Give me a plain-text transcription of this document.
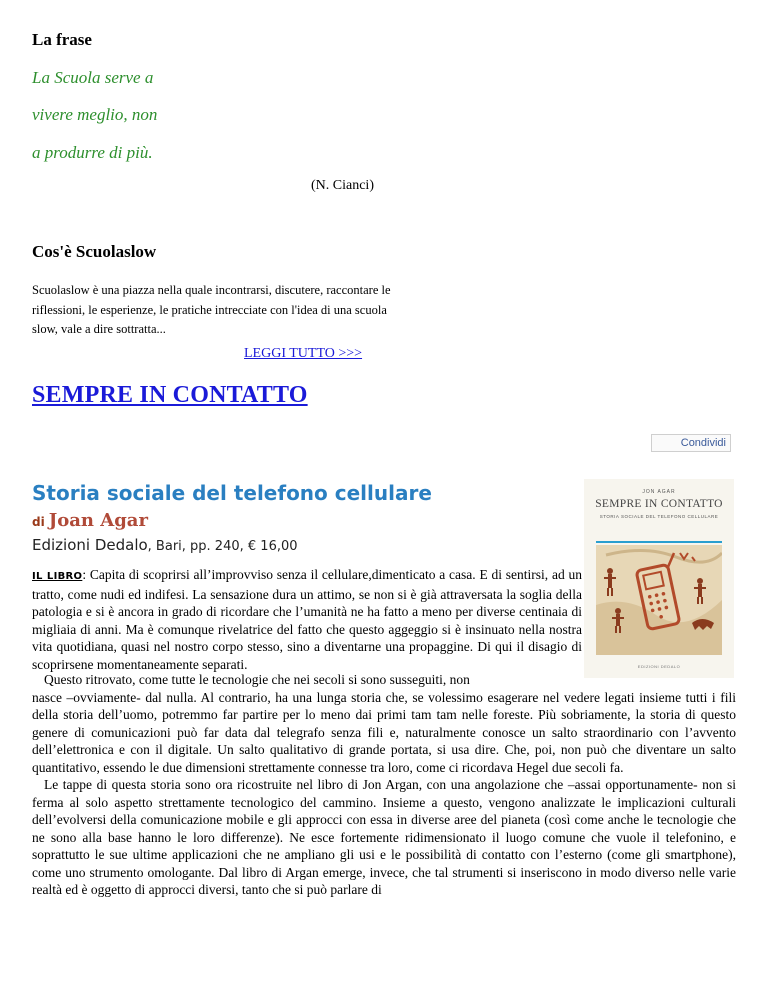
La frase

La Scuola serve a

vivere meglio, non

a produrre di più.

(N. Cianci)

Cos'è Scuolaslow

Scuolaslow è una piazza nella quale incontrarsi, discutere, raccontare le riflessioni, le esperienze, le pratiche intrecciate con l'idea di una scuola slow, vale a dire sottratta...

LEGGI TUTTO >>>
SEMPRE IN CONTATTO
Condividi
Storia sociale del telefono cellulare

di Joan Agar

Edizioni Dedalo, Bari, pp. 240, € 16,00

IL LIBRO: Capita di scoprirsi all’improvviso senza il cellulare,dimenticato a casa. E di sentirsi, ad un tratto, come nudi ed indifesi. La sensazione dura un attimo, se non si è già attraversata la soglia della patologia e si è ancora in grado di ricordare che l’umanità ne ha fatto a meno per diverse centinaia di migliaia di anni. Ma è comunque rivelatrice del fatto che questo aggeggio si è insinuato nella nostra vita quotidiana, quasi nel nostro corpo stesso, sino a diventarne una propaggine. Di qui il disagio di scoprirsene momentaneamente separati.

Questo ritrovato, come tutte le tecnologie che nei secoli si sono susseguiti, non

nasce –ovviamente- dal nulla. Al contrario, ha una lunga storia che, se volessimo esagerare nel vedere legati insieme tutti i fili della storia dell’uomo, potremmo far partire per lo meno dai primi tam tam nelle foreste. Più sobriamente, la storia di questo genere di comunicazioni può far data dal telegrafo senza fili e, naturalmente conosce un salto straordinario con l’avvento dell’elettronica e con il digitale. Un salto qualitativo di grande portata, si usa dire. Che, poi, non può che diventare un salto quantitativo, essendo le due dimensioni strettamente connesse tra loro, come ci ricordava Hegel due secoli fa.

Le tappe di questa storia sono ora ricostruite nel libro di Jon Argan, con una angolazione che –assai opportunamente- non si ferma al solo aspetto strettamente tecnologico del cammino. Insieme a questo, vengono analizzate le implicazioni culturali dell’evolversi della comunicazione mobile e gli approcci con essa in diverse aree del pianeta (così come anche le tecnologie che ne sono alla base hanno le loro differenze). Ne esce fortemente ridimensionato il luogo comune che vuole il telefonino, e soprattutto le sue ultime applicazioni che ne ampliano gli usi e le possibilità di contatto con l’esterno (come gli smartphone), come uno strumento omologante. Dal libro di Argan emerge, invece, che tal strumenti si inseriscono in modo diverso nelle varie realtà ed è oggetto di approcci diversi, tanto che si può parlare di

JON AGAR
SEMPRE IN CONTATTO
STORIA SOCIALE DEL TELEFONO CELLULARE
EDIZIONI DEDALO
